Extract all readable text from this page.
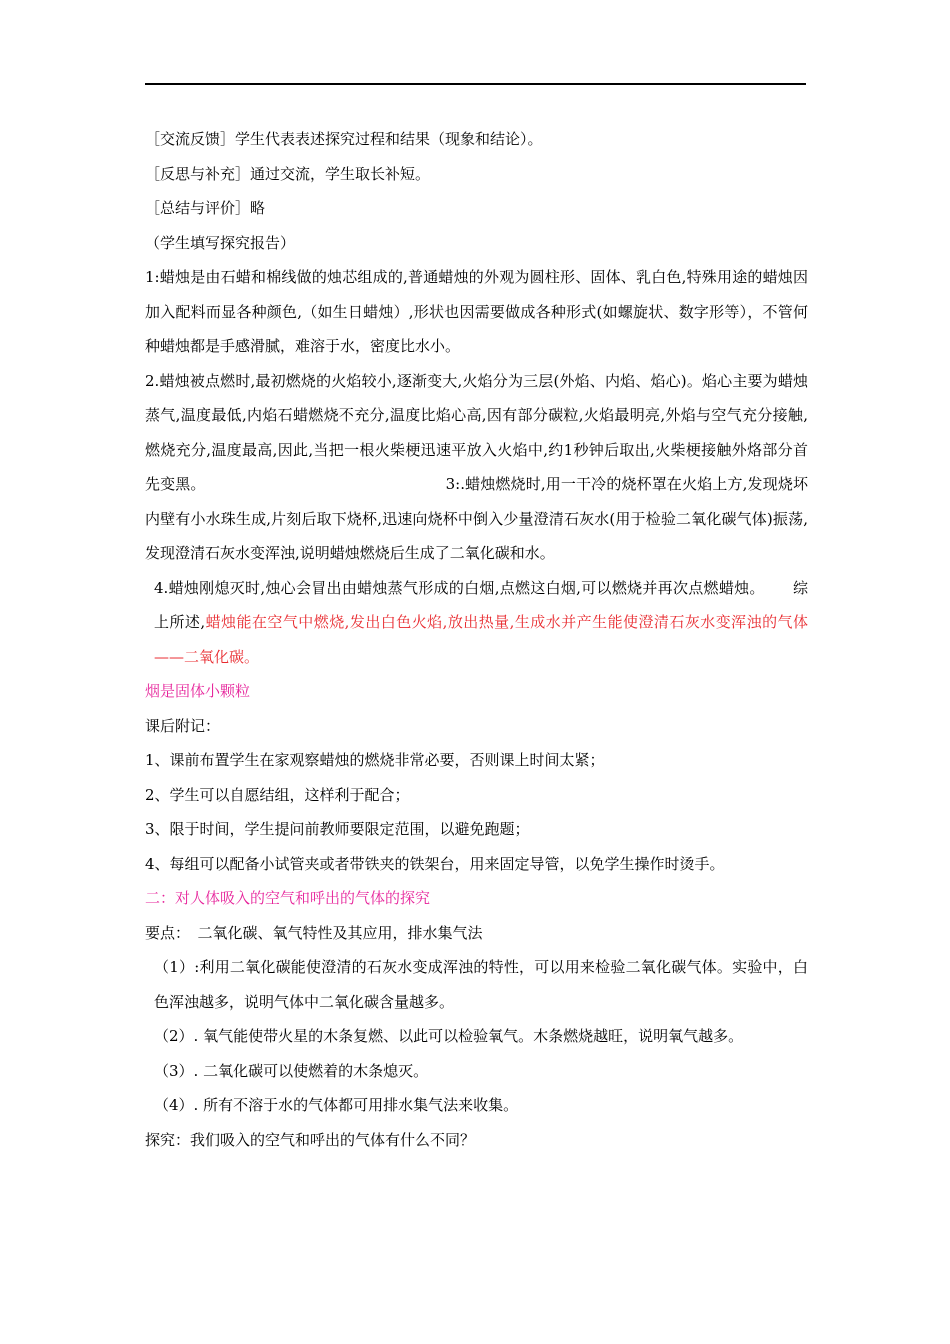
［交流反馈］学生代表表述探究过程和结果（现象和结论）。

［反思与补充］通过交流，学生取长补短。

［总结与评价］略

（学生填写探究报告）

1:蜡烛是由石蜡和棉线做的烛芯组成的,普通蜡烛的外观为圆柱形、固体、乳白色,特殊用途的蜡烛因加入配料而显各种颜色,（如生日蜡烛）,形状也因需要做成各种形式(如螺旋状、数字形等），不管何种蜡烛都是手感滑腻，难溶于水，密度比水小。

2.蜡烛被点燃时,最初燃烧的火焰较小,逐渐变大,火焰分为三层(外焰、内焰、焰心)。焰心主要为蜡烛蒸气,温度最低,内焰石蜡燃烧不充分,温度比焰心高,因有部分碳粒,火焰最明亮,外焰与空气充分接触,燃烧充分,温度最高,因此,当把一根火柴梗迅速平放入火焰中,约1秒钟后取出,火柴梗接触外烙部分首先变黑。	3:.蜡烛燃烧时,用一干冷的烧杯罩在火焰上方,发现烧坏内壁有小水珠生成,片刻后取下烧杯,迅速向烧杯中倒入少量澄清石灰水(用于检验二氧化碳气体)振荡,发现澄清石灰水变浑浊,说明蜡烛燃烧后生成了二氧化碳和水。

4.蜡烛刚熄灭时,烛心会冒出由蜡烛蒸气形成的白烟,点燃这白烟,可以燃烧并再次点燃蜡烛。 综上所述,蜡烛能在空气中燃烧,发出白色火焰,放出热量,生成水并产生能使澄清石灰水变浑浊的气体——二氧化碳。

烟是固体小颗粒

课后附记：

1、课前布置学生在家观察蜡烛的燃烧非常必要，否则课上时间太紧；

2、学生可以自愿结组，这样利于配合；

3、限于时间，学生提问前教师要限定范围，以避免跑题；

4、每组可以配备小试管夹或者带铁夹的铁架台，用来固定导管，以免学生操作时烫手。

二：对人体吸入的空气和呼出的气体的探究

要点：　二氧化碳、氧气特性及其应用，排水集气法

（1）:利用二氧化碳能使澄清的石灰水变成浑浊的特性，可以用来检验二氧化碳气体。实验中，白色浑浊越多，说明气体中二氧化碳含量越多。

（2）. 氧气能使带火星的木条复燃、以此可以检验氧气。木条燃烧越旺，说明氧气越多。

（3）. 二氧化碳可以使燃着的木条熄灭。

（4）. 所有不溶于水的气体都可用排水集气法来收集。

探究：我们吸入的空气和呼出的气体有什么不同？
